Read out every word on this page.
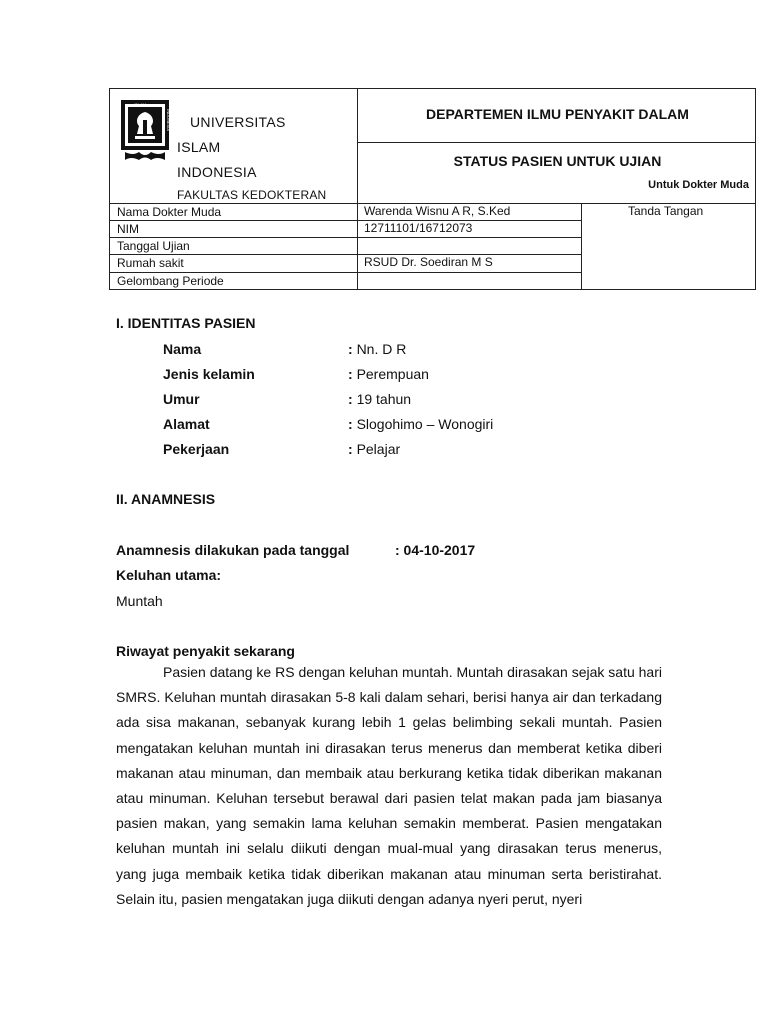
ISLAM
INDONESIA UNIVERSITAS
ISLAM
INDONESIA
FAKULTAS KEDOKTERAN
DEPARTEMEN ILMU PENYAKIT DALAM
STATUS PASIEN UNTUK UJIAN
Untuk Dokter Muda
Tanda Tangan
Nama Dokter Muda	Warenda Wisnu A R, S.Ked
NIM	12711101/16712073
Tanggal Ujian
Rumah sakit	RSUD Dr. Soediran M S
Gelombang Periode
I. IDENTITAS PASIEN
Nama	: Nn. D R
Jenis kelamin	: Perempuan
Umur	: 19 tahun
Alamat	: Slogohimo – Wonogiri
Pekerjaan	: Pelajar
II. ANAMNESIS
Anamnesis dilakukan pada tanggal	: 04-10-2017
Keluhan utama:
Muntah
Riwayat penyakit sekarang
Pasien datang ke RS dengan keluhan muntah. Muntah dirasakan sejak satu hari SMRS. Keluhan muntah dirasakan 5-8 kali dalam sehari, berisi hanya air dan terkadang ada sisa makanan, sebanyak kurang lebih 1 gelas belimbing sekali muntah. Pasien mengatakan keluhan muntah ini dirasakan terus menerus dan memberat ketika diberi makanan atau minuman, dan membaik atau berkurang ketika tidak diberikan makanan atau minuman. Keluhan tersebut berawal dari pasien telat makan pada jam biasanya pasien makan, yang semakin lama keluhan semakin memberat. Pasien mengatakan keluhan muntah ini selalu diikuti dengan mual-mual yang dirasakan terus menerus, yang juga membaik ketika tidak diberikan makanan atau minuman serta beristirahat. Selain itu, pasien mengatakan juga diikuti dengan adanya nyeri perut, nyeri
